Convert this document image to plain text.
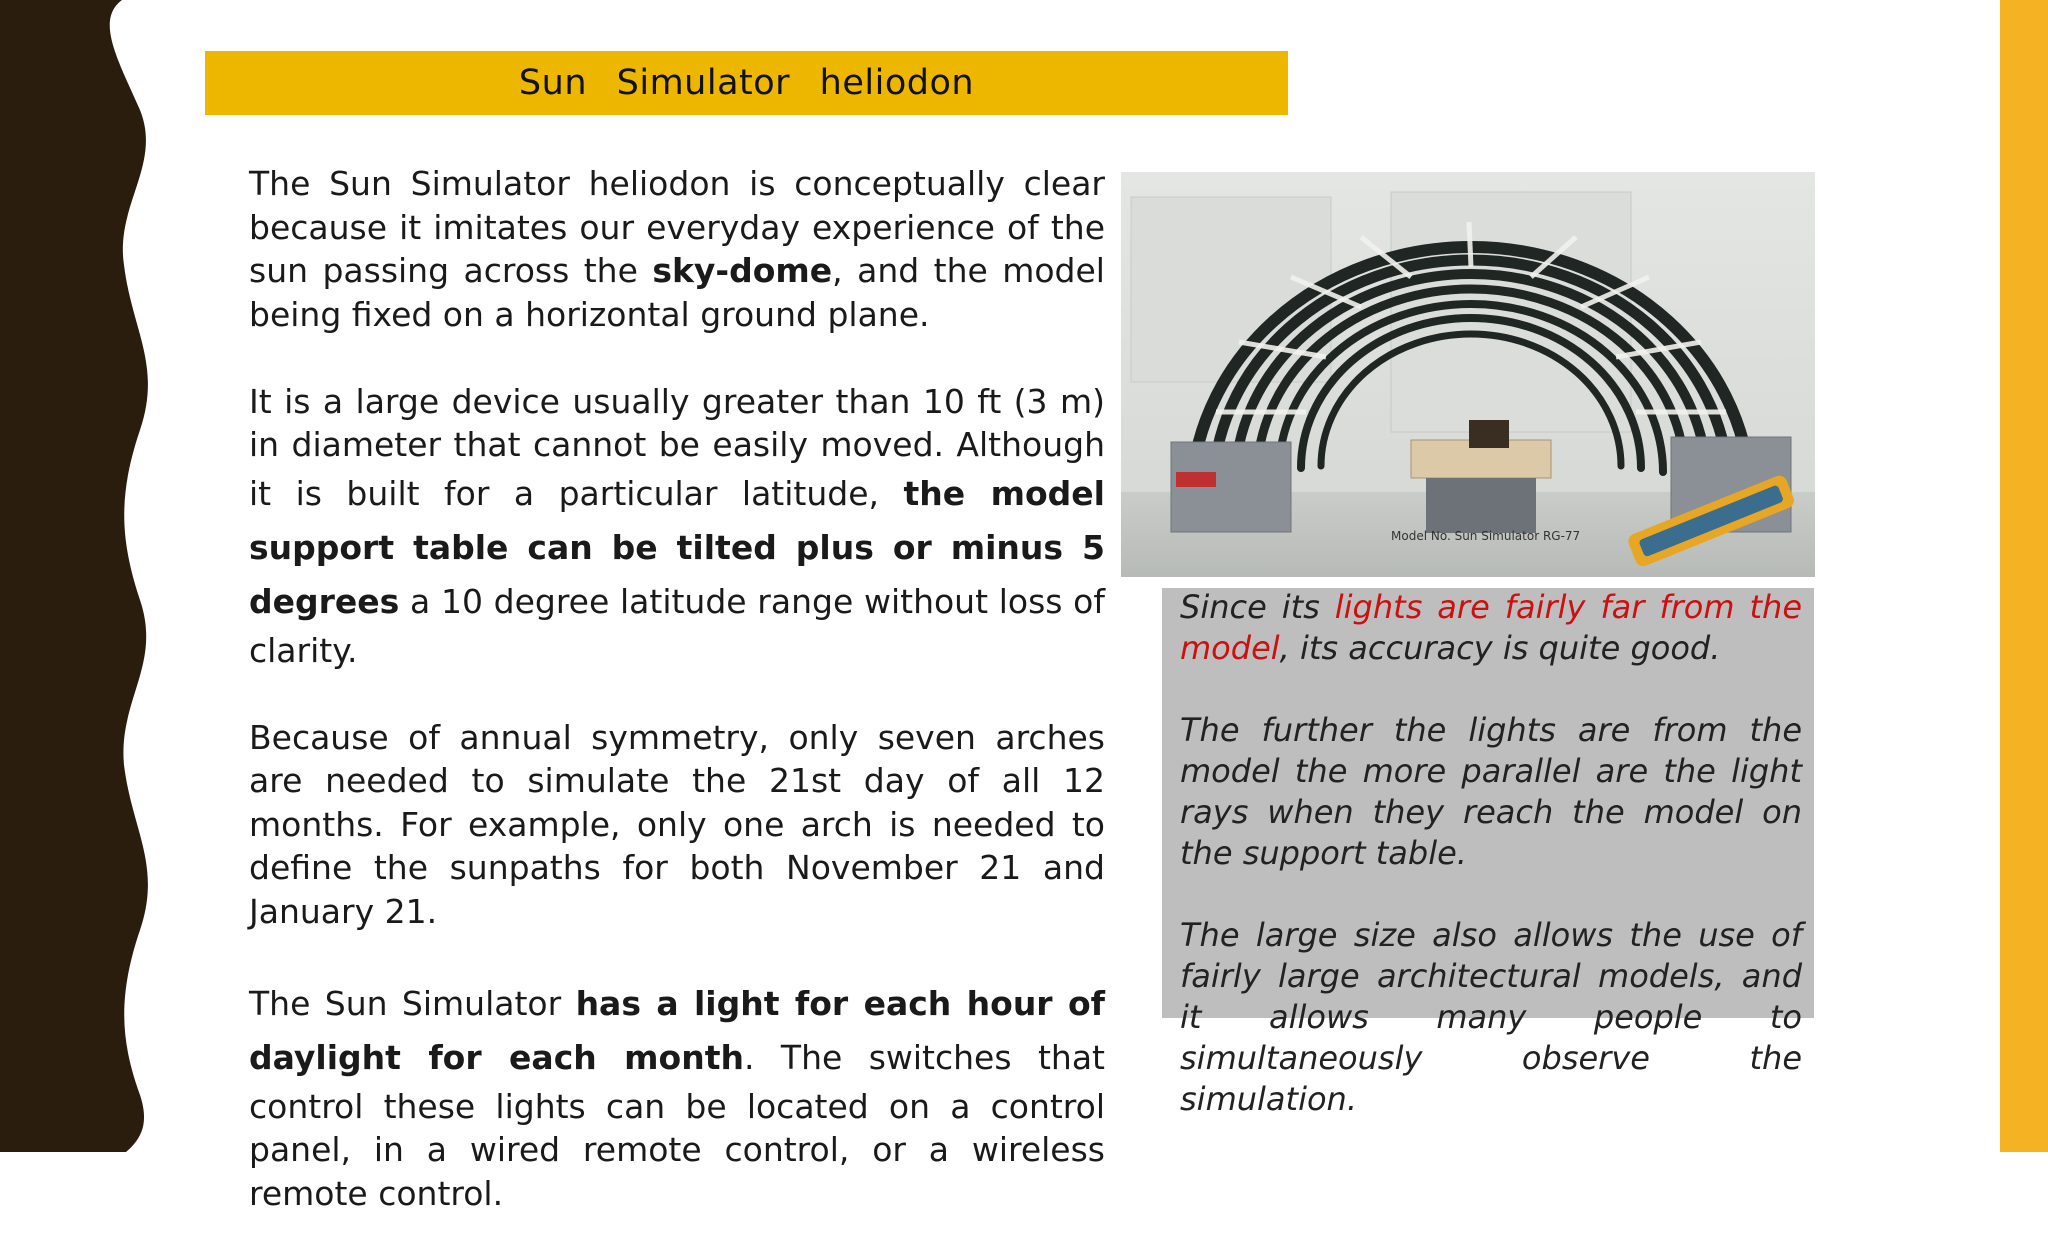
Sun Simulator heliodon

The Sun Simulator heliodon is conceptually clear because it imitates our everyday experience of the sun passing across the sky-dome, and the model being fixed on a horizontal ground plane.

It is a large device usually greater than 10 ft (3 m) in diameter that cannot be easily moved. Although it is built for a particular latitude, the model support table can be tilted plus or minus 5 degrees a 10 degree latitude range without loss of clarity.

Because of annual symmetry, only seven arches are needed to simulate the 21st day of all 12 months. For example, only one arch is needed to define the sunpaths for both November 21 and January 21.

The Sun Simulator has a light for each hour of daylight for each month. The switches that control these lights can be located on a control panel, in a wired remote control, or a wireless remote control.

Model No. Sun Simulator RG-77

Since its lights are fairly far from the model, its accuracy is quite good.

The further the lights are from the model the more parallel are the light rays when they reach the model on the support table.

The large size also allows the use of fairly large architectural models, and it allows many people to simultaneously observe the simulation.
